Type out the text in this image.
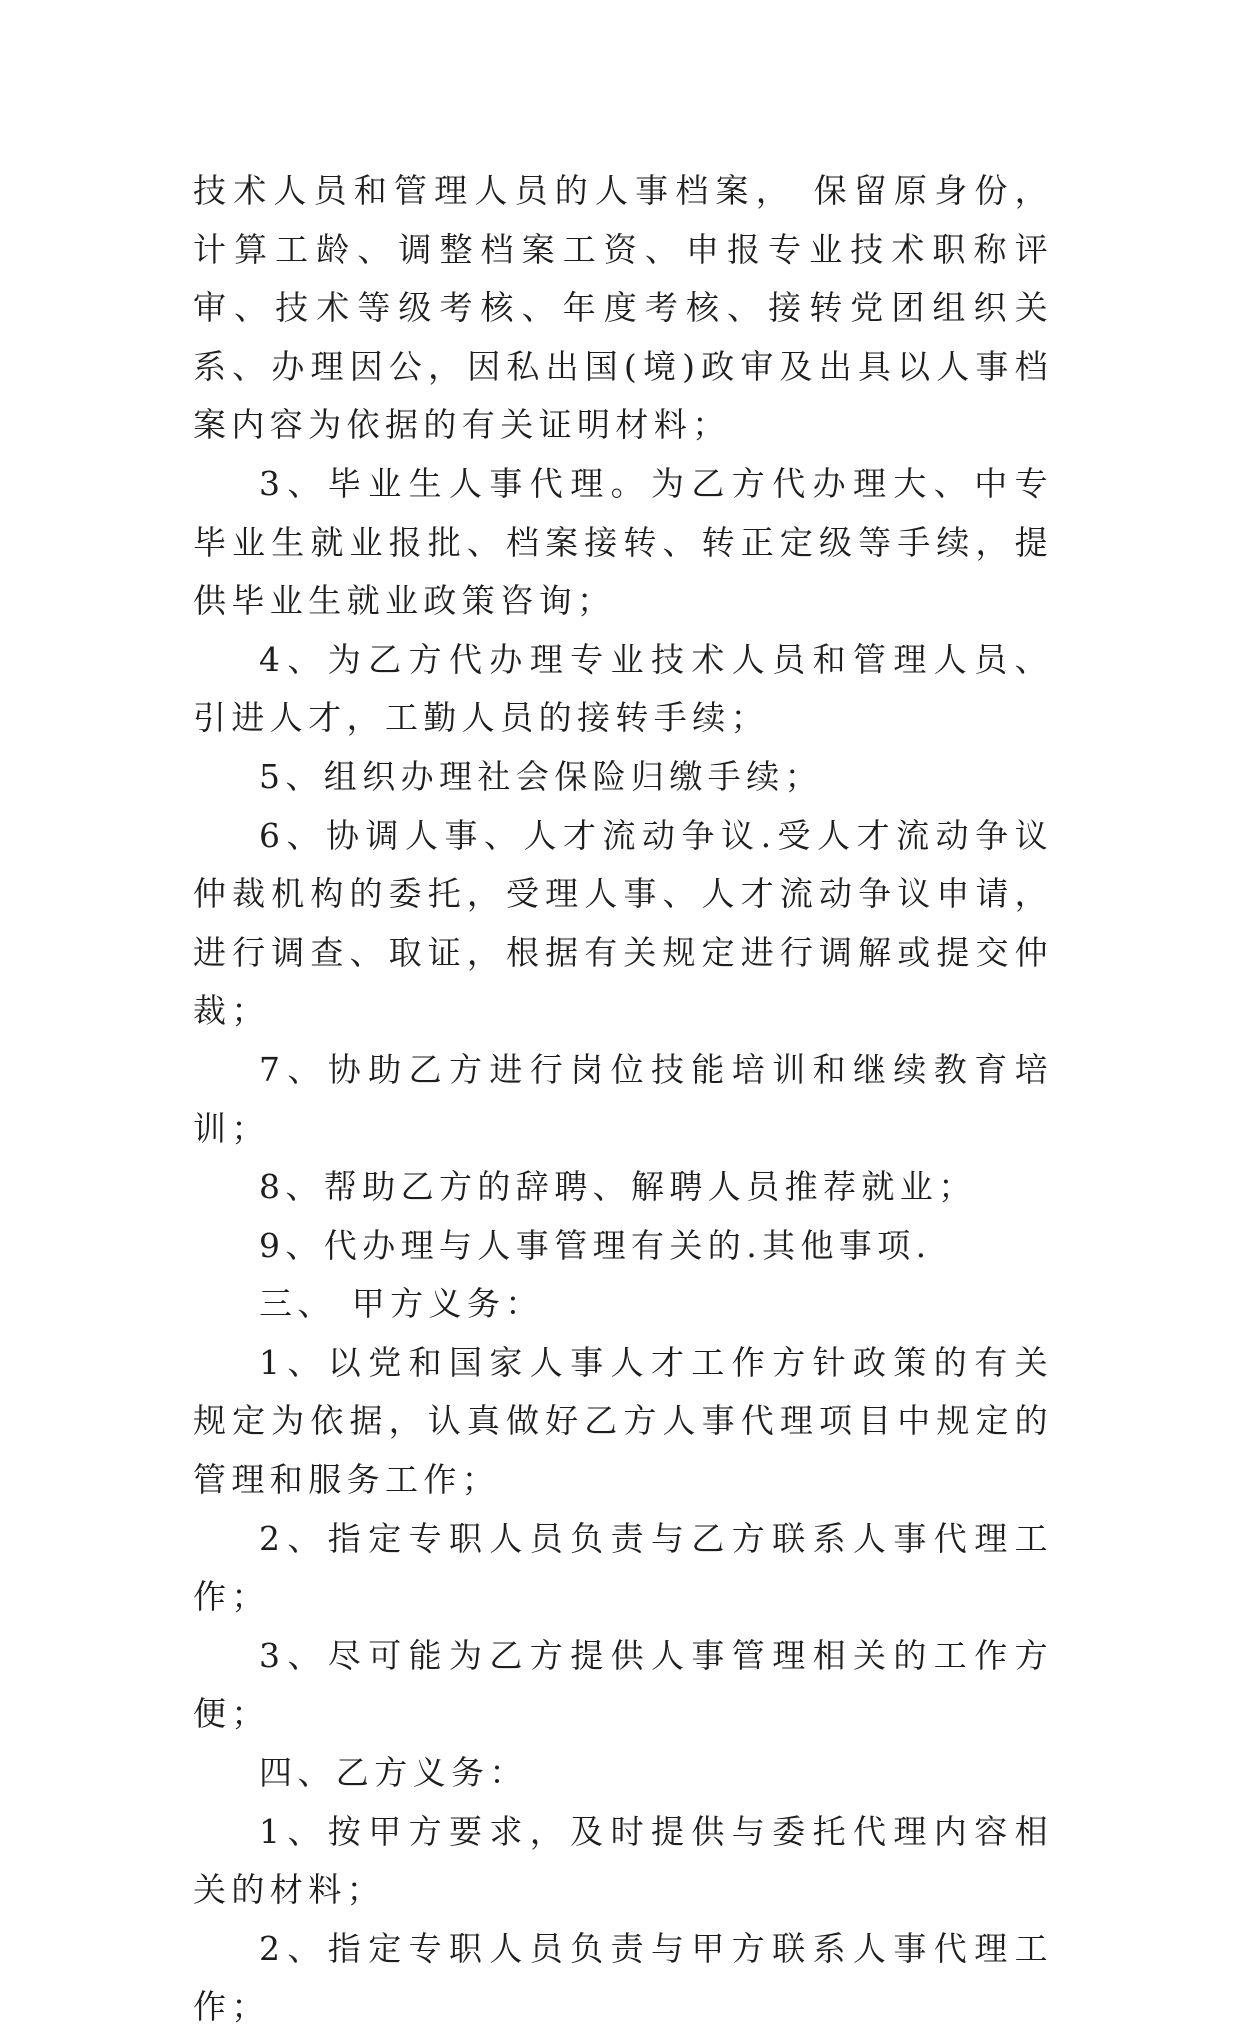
技术人员和管理人员的人事档案， 保留原身份，计算工龄、调整档案工资、申报专业技术职称评审、技术等级考核、年度考核、接转党团组织关系、办理因公，因私出国(境)政审及出具以人事档案内容为依据的有关证明材料；

3、毕业生人事代理。为乙方代办理大、中专毕业生就业报批、档案接转、转正定级等手续，提供毕业生就业政策咨询；

4、为乙方代办理专业技术人员和管理人员、引进人才，工勤人员的接转手续；

5、组织办理社会保险归缴手续；

6、协调人事、人才流动争议.受人才流动争议仲裁机构的委托，受理人事、人才流动争议申请，进行调查、取证，根据有关规定进行调解或提交仲裁；

7、协助乙方进行岗位技能培训和继续教育培训；

8、帮助乙方的辞聘、解聘人员推荐就业；

9、代办理与人事管理有关的.其他事项.

三、 甲方义务：

1、以党和国家人事人才工作方针政策的有关规定为依据，认真做好乙方人事代理项目中规定的管理和服务工作；

2、指定专职人员负责与乙方联系人事代理工作；

3、尽可能为乙方提供人事管理相关的工作方便；

四、乙方义务：

1、按甲方要求，及时提供与委托代理内容相关的材料；

2、指定专职人员负责与甲方联系人事代理工作；
